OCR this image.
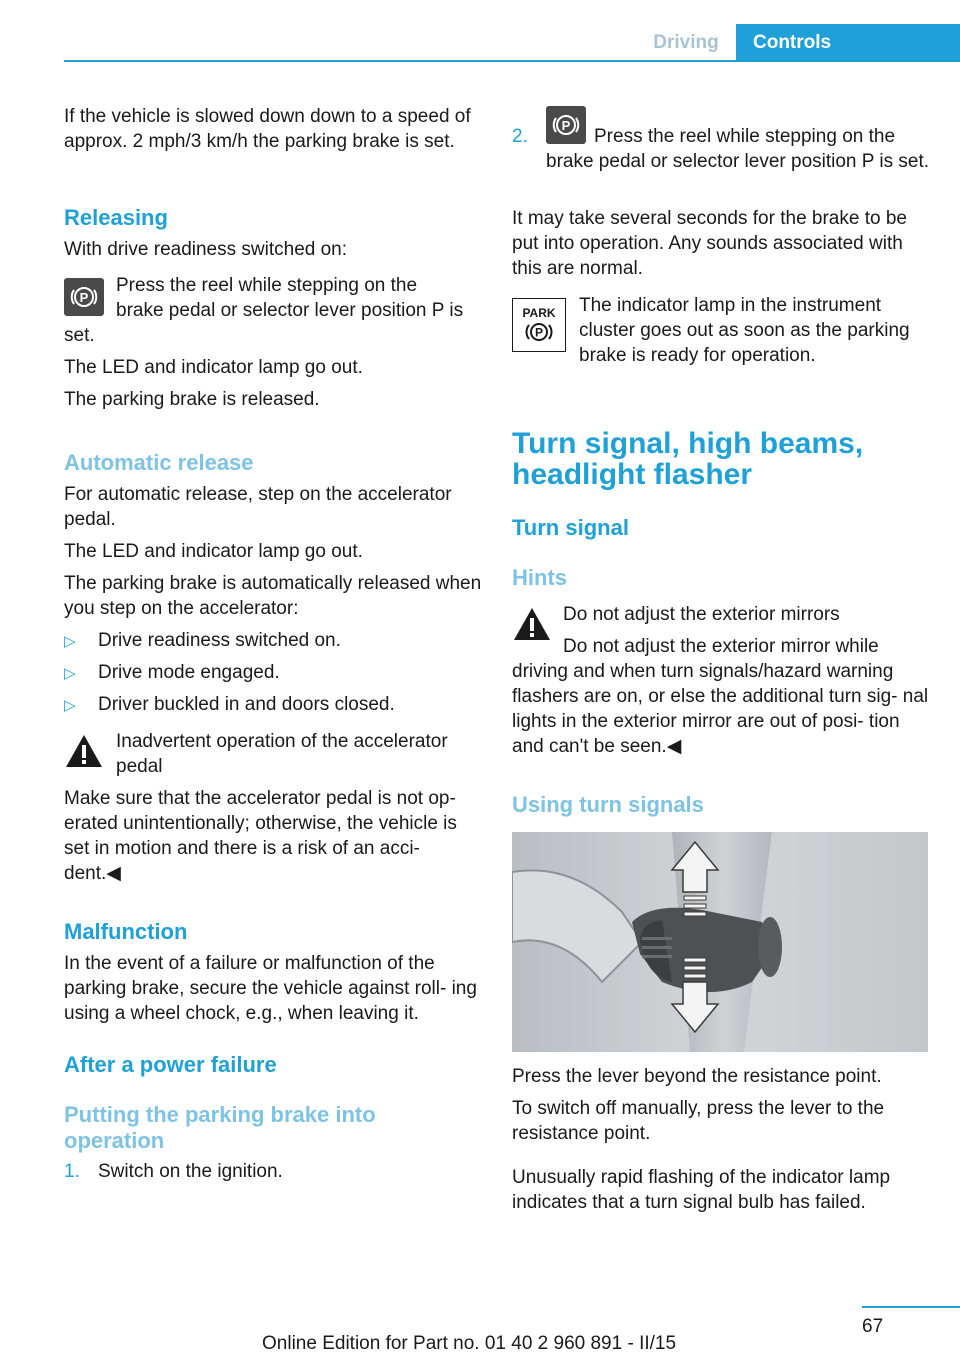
Driving	Controls

If the vehicle is slowed down down to a speed of approx. 2 mph/3 km/h the parking brake is set.

Releasing

With drive readiness switched on:

P

Press the reel while stepping on the

brake pedal or selector lever position P is

set.

The LED and indicator lamp go out.

The parking brake is released.

Automatic release

For automatic release, step on the accelerator pedal.

The LED and indicator lamp go out.

The parking brake is automatically released when you step on the accelerator:

▷ Drive readiness switched on.

▷ Drive mode engaged.

▷ Driver buckled in and doors closed.

Inadvertent operation of the accelerator

pedal

Make sure that the accelerator pedal is not op‐ erated unintentionally; otherwise, the vehicle is set in motion and there is a risk of an acci‐ dent.◀

Malfunction

In the event of a failure or malfunction of the parking brake, secure the vehicle against roll‐ ing using a wheel chock, e.g., when leaving it.

After a power failure
Putting the parking brake into operation
1. Switch on the ignition.

2.
P

Press the reel while stepping on the

brake pedal or selector lever position P is set.

It may take several seconds for the brake to be put into operation. Any sounds associated with this are normal.

PARK
P

The indicator lamp in the instrument cluster goes out as soon as the parking brake is ready for operation.

Turn signal, high beams, headlight flasher
Turn signal
Hints

Do not adjust the exterior mirrors

Do not adjust the exterior mirror while

driving and when turn signals/hazard warning flashers are on, or else the additional turn sig‐ nal lights in the exterior mirror are out of posi‐ tion and can't be seen.◀

Using turn signals

Press the lever beyond the resistance point.

To switch off manually, press the lever to the resistance point.

Unusually rapid flashing of the indicator lamp indicates that a turn signal bulb has failed.

67
Online Edition for Part no. 01 40 2 960 891 - II/15
